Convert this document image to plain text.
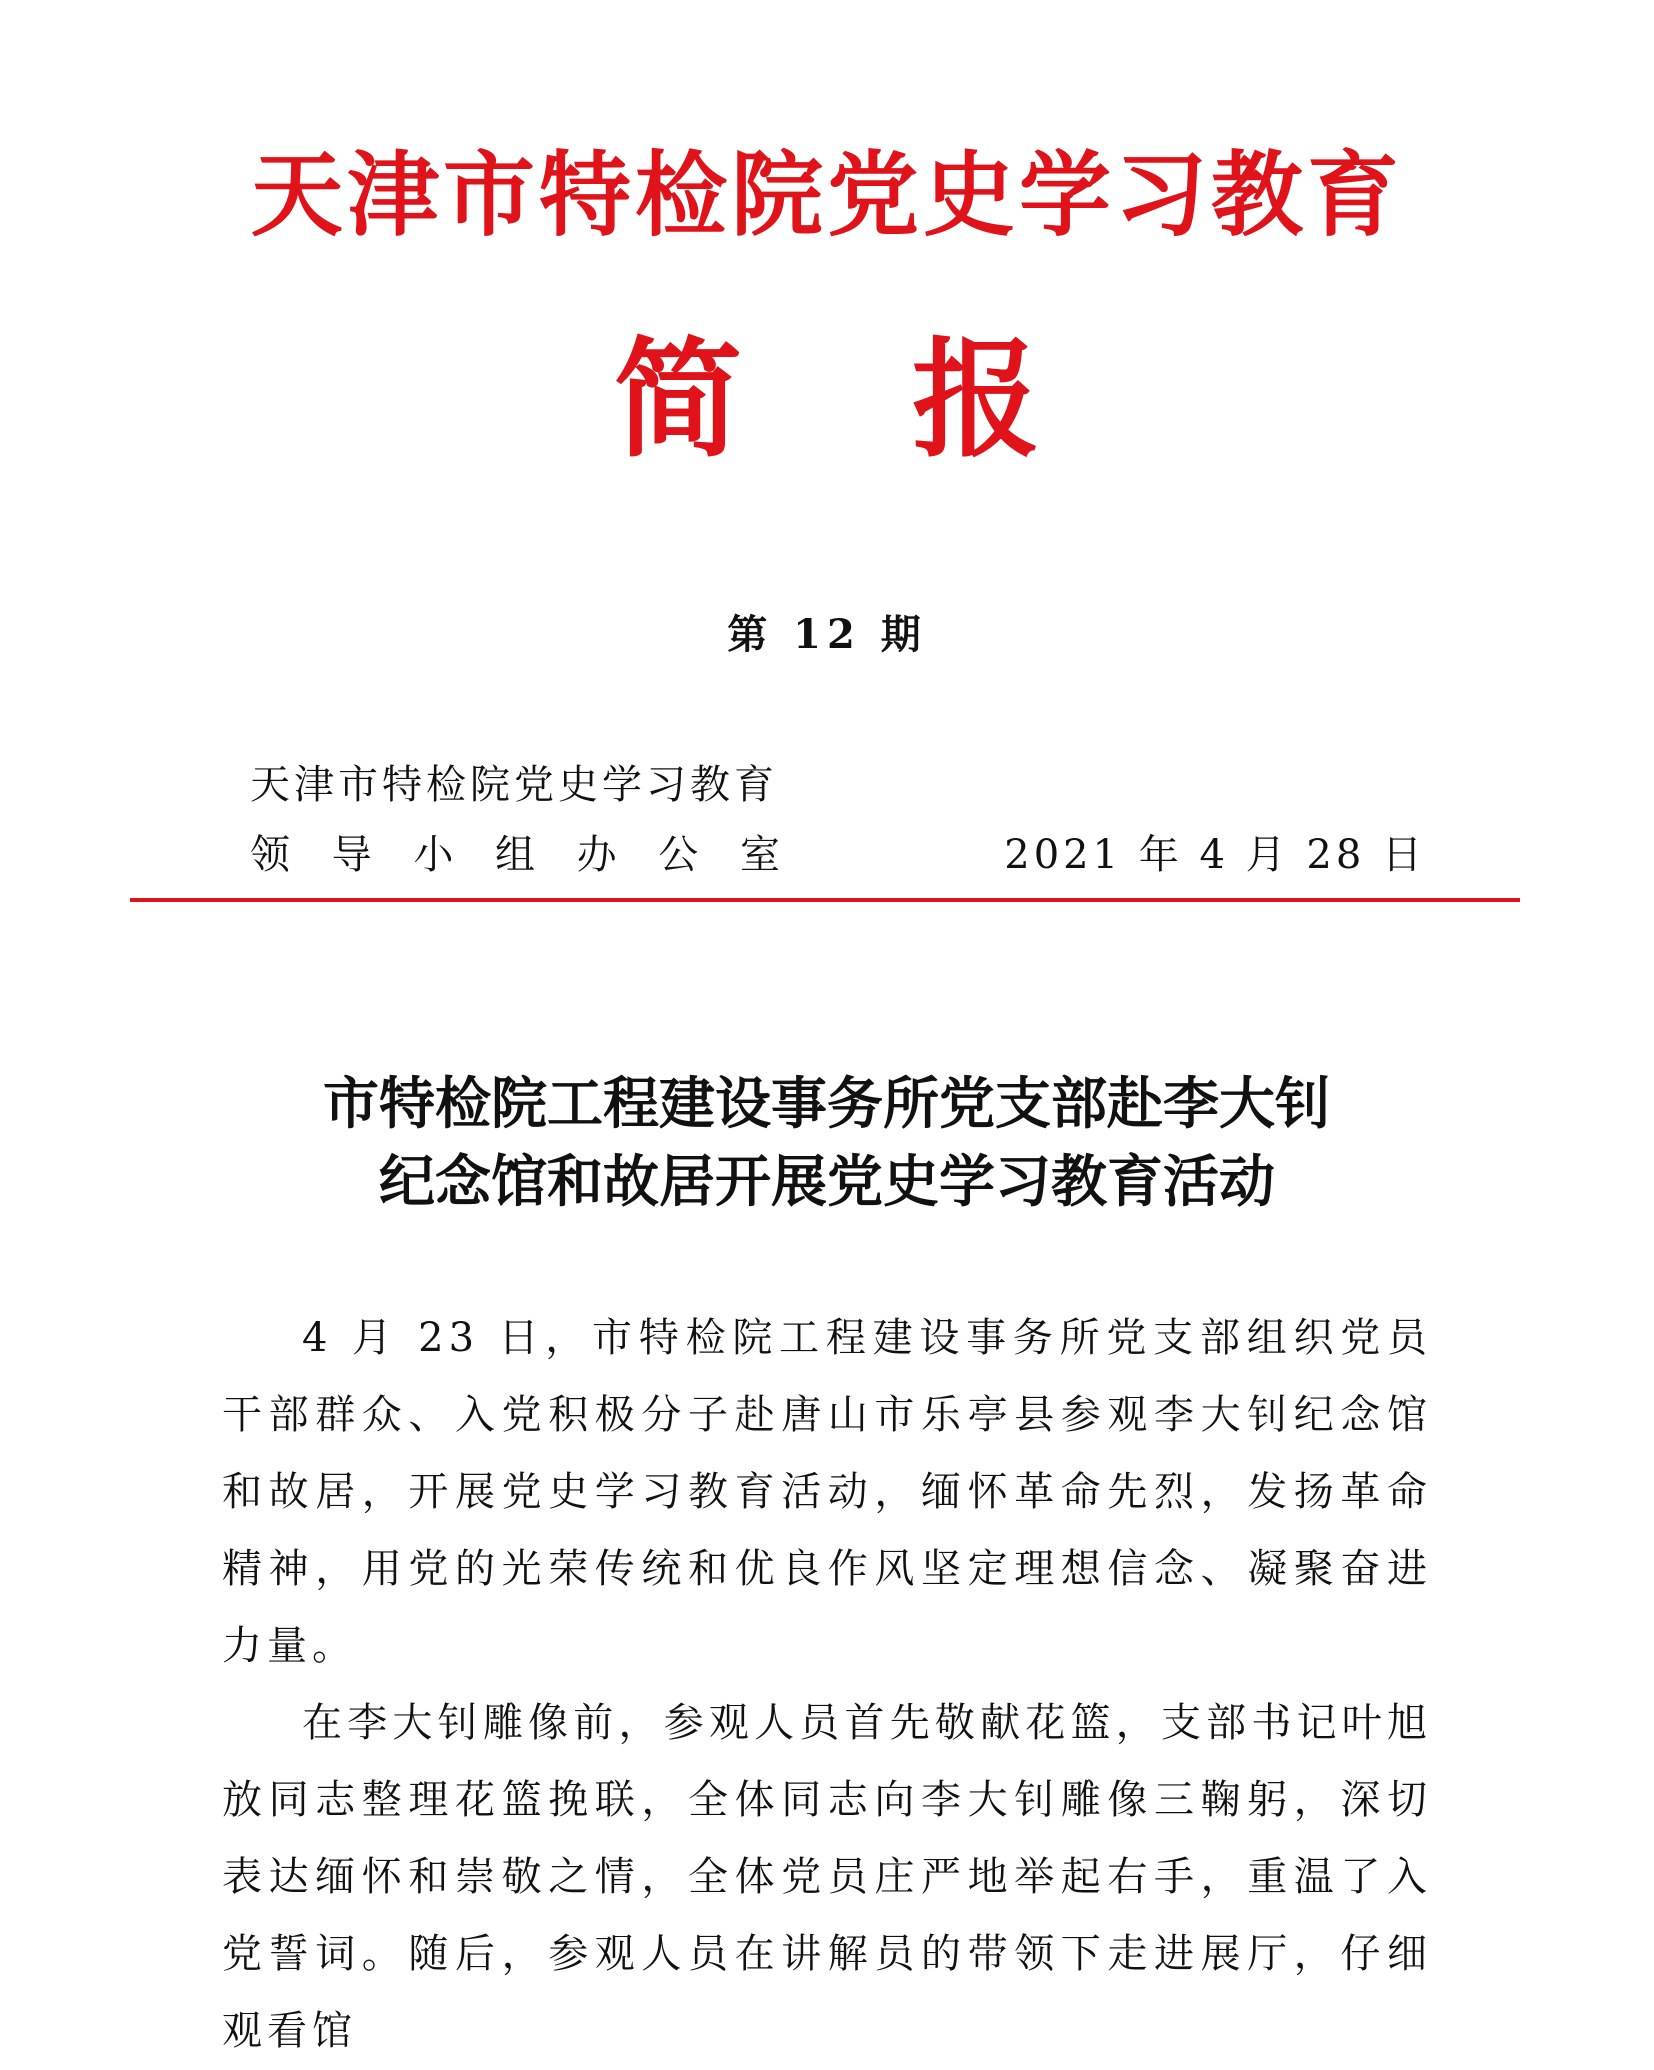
天津市特检院党史学习教育
简 报
第 12 期
天津市特检院党史学习教育
领 导 小 组 办 公 室	2021 年 4 月 28 日
市特检院工程建设事务所党支部赴李大钊
纪念馆和故居开展党史学习教育活动

4 月 23 日，市特检院工程建设事务所党支部组织党员干部群众、入党积极分子赴唐山市乐亭县参观李大钊纪念馆和故居，开展党史学习教育活动，缅怀革命先烈，发扬革命精神，用党的光荣传统和优良作风坚定理想信念、凝聚奋进力量。

在李大钊雕像前，参观人员首先敬献花篮，支部书记叶旭放同志整理花篮挽联，全体同志向李大钊雕像三鞠躬，深切表达缅怀和崇敬之情，全体党员庄严地举起右手，重温了入党誓词。随后，参观人员在讲解员的带领下走进展厅，仔细观看馆
